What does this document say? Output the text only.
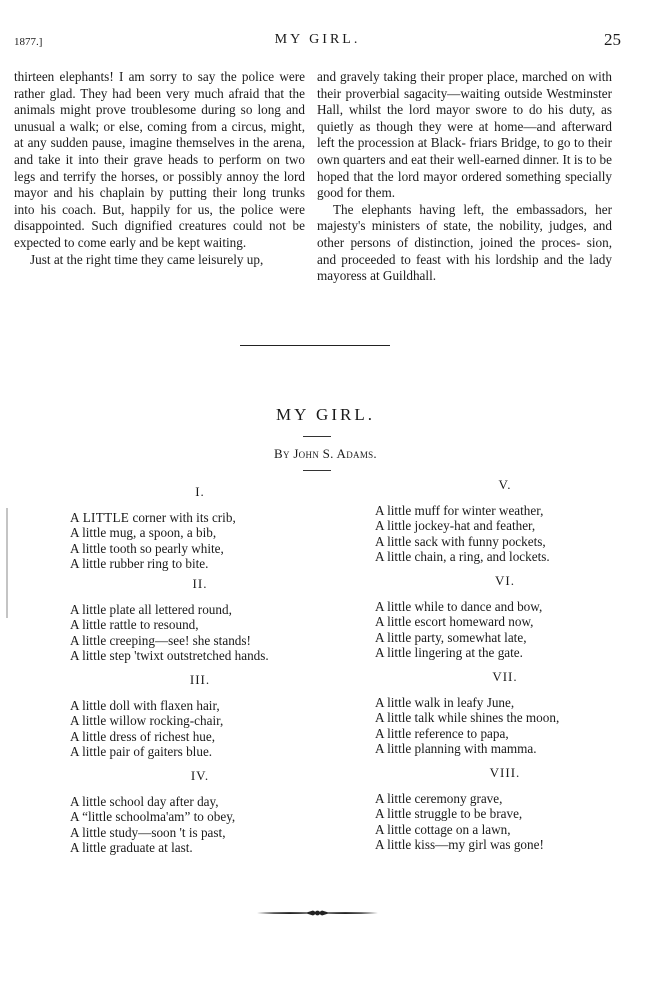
1877.]	MY GIRL.	25

thirteen elephants! I am sorry to say the police were rather glad. They had been very much afraid that the animals might prove troublesome during so long and unusual a walk; or else, coming from a circus, might, at any sudden pause, imagine themselves in the arena, and take it into their grave heads to perform on two legs and terrify the horses, or possibly annoy the lord mayor and his chaplain by putting their long trunks into his coach. But, happily for us, the police were disappointed. Such dignified creatures could not be expected to come early and be kept waiting.

Just at the right time they came leisurely up,

and gravely taking their proper place, marched on with their proverbial sagacity—waiting outside Westminster Hall, whilst the lord mayor swore to do his duty, as quietly as though they were at home—and afterward left the procession at Black- friars Bridge, to go to their own quarters and eat their well-earned dinner. It is to be hoped that the lord mayor ordered something specially good for them.

The elephants having left, the embassadors, her majesty's ministers of state, the nobility, judges, and other persons of distinction, joined the proces- sion, and proceeded to feast with his lordship and the lady mayoress at Guildhall.

MY GIRL.
By John S. Adams.
I.
A LITTLE corner with its crib,
A little mug, a spoon, a bib,
A little tooth so pearly white,
A little rubber ring to bite.
II.
A little plate all lettered round,
A little rattle to resound,
A little creeping—see! she stands!
A little step 'twixt outstretched hands.
III.
A little doll with flaxen hair,
A little willow rocking-chair,
A little dress of richest hue,
A little pair of gaiters blue.
IV.
A little school day after day,
A “little schoolma'am” to obey,
A little study—soon 't is past,
A little graduate at last.
V.
A little muff for winter weather,
A little jockey-hat and feather,
A little sack with funny pockets,
A little chain, a ring, and lockets.
VI.
A little while to dance and bow,
A little escort homeward now,
A little party, somewhat late,
A little lingering at the gate.
VII.
A little walk in leafy June,
A little talk while shines the moon,
A little reference to papa,
A little planning with mamma.
VIII.
A little ceremony grave,
A little struggle to be brave,
A little cottage on a lawn,
A little kiss—my girl was gone!
